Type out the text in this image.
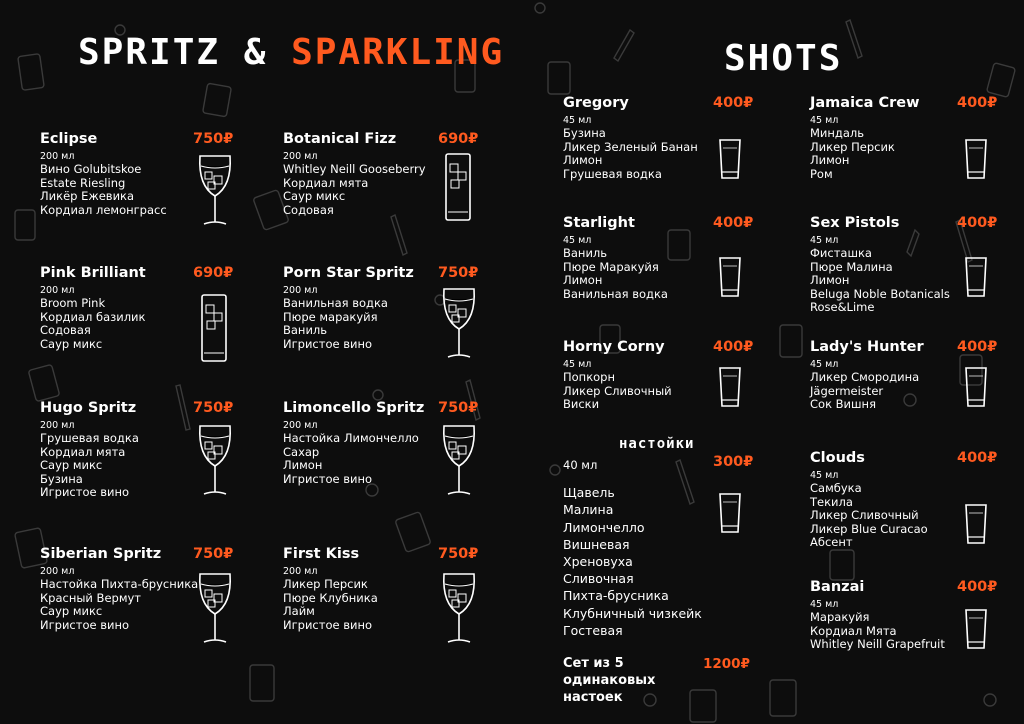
SPRITZ & SPARKLING	SHOTS
Eclipse
200 мл
Вино Golubitskoe
Estate Riesling
Ликёр Ежевика
Кордиал лемонграсс
750₽	Botanical Fizz
200 мл
Whitley Neill Gooseberry
Кордиал мята
Саур микс
Содовая
690₽
Pink Brilliant
200 мл
Broom Pink
Кордиал базилик
Содовая
Саур микс
690₽	Porn Star Spritz
200 мл
Ванильная водка
Пюре маракуйя
Ваниль
Игристое вино
750₽
Hugo Spritz
200 мл
Грушевая водка
Кордиал мята
Саур микс
Бузина
Игристое вино
750₽	Limoncello Spritz
200 мл
Настойка Лимончелло
Сахар
Лимон
Игристое вино
750₽
Siberian Spritz
200 мл
Настойка Пихта-брусника
Красный Вермут
Саур микс
Игристое вино
750₽	First Kiss
200 мл
Ликер Персик
Пюре Клубника
Лайм
Игристое вино
750₽
Gregory
45 мл
Бузина
Ликер Зеленый Банан
Лимон
Грушевая водка
400₽	Jamaica Crew
45 мл
Миндаль
Ликер Персик
Лимон
Ром
400₽
Starlight
45 мл
Ваниль
Пюре Маракуйя
Лимон
Ванильная водка
400₽	Sex Pistols
45 мл
Фисташка
Пюре Малина
Лимон
Beluga Noble Botanicals
Rose&Lime
400₽
Horny Corny
45 мл
Попкорн
Ликер Сливочный
Виски
400₽	Lady's Hunter
45 мл
Ликер Смородина
Jägermeister
Сок Вишня
400₽
Clouds
45 мл
Самбука
Текила
Ликер Сливочный
Ликер Blue Curacao
Абсент
400₽
Banzai
45 мл
Маракуйя
Кордиал Мята
Whitley Neill Grapefruit
400₽
настойки
40 мл
Щавель
Малина
Лимончелло
Вишневая
Хреновуха
Сливочная
Пихта-брусника
Клубничный чизкейк
Гостевая
300₽
Сет из 5
одинаковых
настоек
1200₽
